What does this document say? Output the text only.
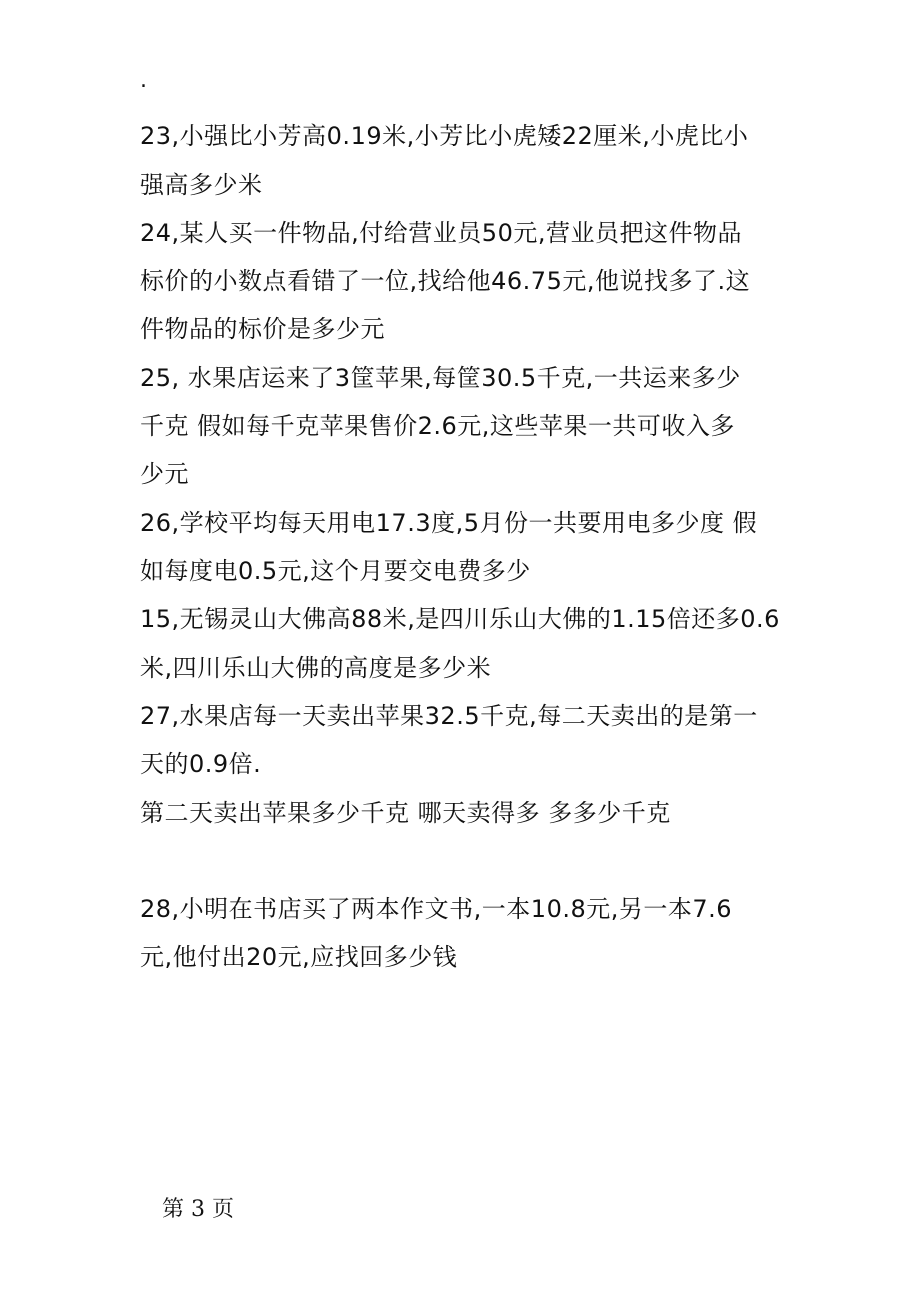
.
23,小强比小芳高0.19米,小芳比小虎矮22厘米,小虎比小
强高多少米
24,某人买一件物品,付给营业员50元,营业员把这件物品
标价的小数点看错了一位,找给他46.75元,他说找多了.这
件物品的标价是多少元
25, 水果店运来了3筐苹果,每筐30.5千克,一共运来多少
千克 假如每千克苹果售价2.6元,这些苹果一共可收入多
少元
26,学校平均每天用电17.3度,5月份一共要用电多少度 假
如每度电0.5元,这个月要交电费多少
15,无锡灵山大佛高88米,是四川乐山大佛的1.15倍还多0.6
米,四川乐山大佛的高度是多少米
27,水果店每一天卖出苹果32.5千克,每二天卖出的是第一
天的0.9倍.
第二天卖出苹果多少千克 哪天卖得多 多多少千克
28,小明在书店买了两本作文书,一本10.8元,另一本7.6
元,他付出20元,应找回多少钱
第 3 页
